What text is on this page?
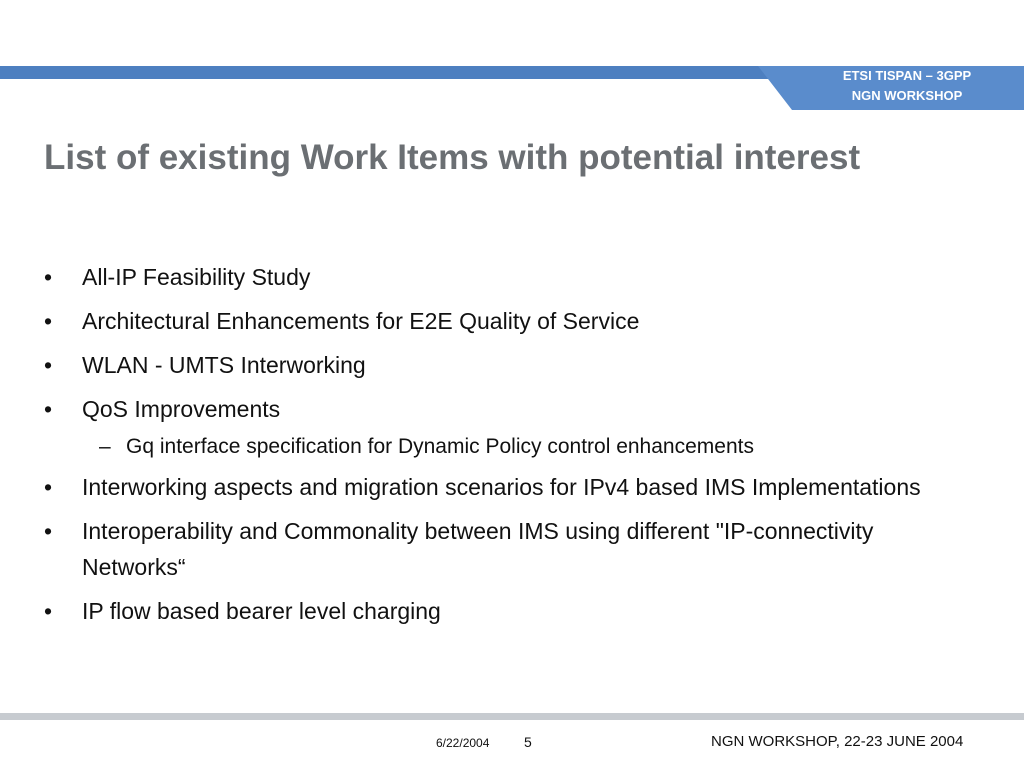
ETSI TISPAN – 3GPP
NGN WORKSHOP
List of existing Work Items with potential interest
• All-IP Feasibility Study
• Architectural Enhancements for E2E Quality of Service
• WLAN - UMTS Interworking
• QoS Improvements
– Gq interface specification for Dynamic Policy control enhancements
• Interworking aspects and migration scenarios for IPv4 based IMS Implementations
• Interoperability and Commonality between IMS using different "IP-connectivity Networks“
• IP flow based bearer level charging
6/22/2004 5	NGN WORKSHOP, 22-23 JUNE 2004
